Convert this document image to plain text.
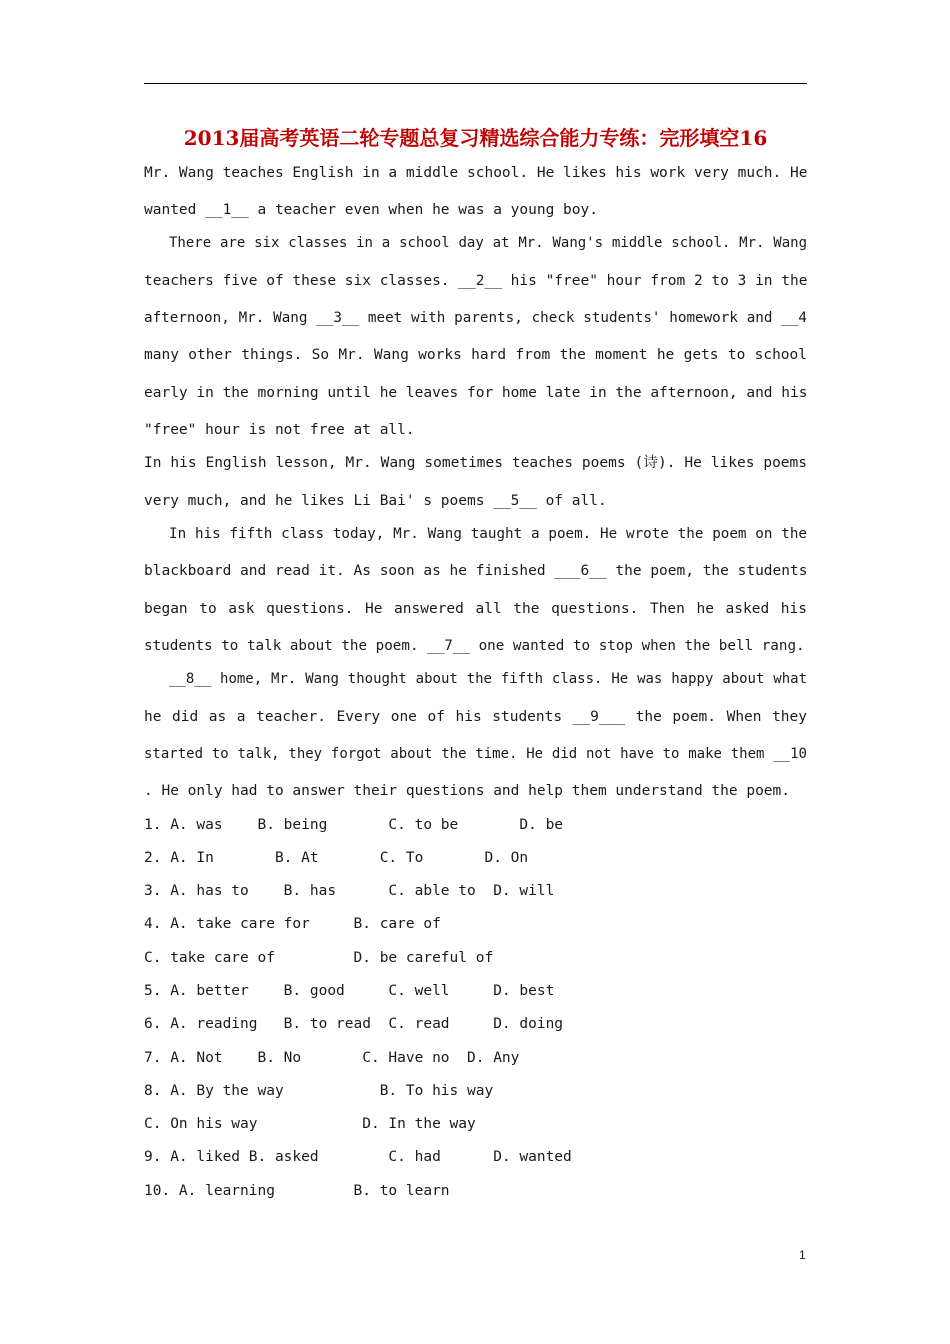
2013届高考英语二轮专题总复习精选综合能力专练：完形填空16
Mr. Wang teaches English in a middle school. He likes his work very much. He
wanted __1__ a teacher even when he was a young boy.
There are six classes in a school day at Mr. Wang's middle school. Mr. Wang
teachers five of these six classes. __2__ his "free" hour from 2 to 3 in the
afternoon, Mr. Wang __3__ meet with parents, check students' homework and __4
many other things. So Mr. Wang works hard from the moment he gets to school
early in the morning until he leaves for home late in the afternoon, and his
"free" hour is not free at all.
In his English lesson, Mr. Wang sometimes teaches poems (诗). He likes poems
very much, and he likes Li Bai' s poems __5__ of all.
In his fifth class today, Mr. Wang taught a poem. He wrote the poem on the
blackboard and read it. As soon as he finished ___6__ the poem, the students
began to ask questions. He answered all the questions. Then he asked his
students to talk about the poem. __7__ one wanted to stop when the bell rang.
__8__ home, Mr. Wang thought about the fifth class. He was happy about what
he did as a teacher. Every one of his students __9___ the poem. When they
started to talk, they forgot about the time. He did not have to make them __10
. He only had to answer their questions and help them understand the poem.
1. A. was    B. being       C. to be       D. be
2. A. In       B. At       C. To       D. On
3. A. has to    B. has      C. able to  D. will
4. A. take care for     B. care of
C. take care of         D. be careful of
5. A. better    B. good     C. well     D. best
6. A. reading   B. to read  C. read     D. doing
7. A. Not    B. No       C. Have no  D. Any
8. A. By the way           B. To his way
C. On his way            D. In the way
9. A. liked B. asked        C. had      D. wanted
10. A. learning         B. to learn
1
